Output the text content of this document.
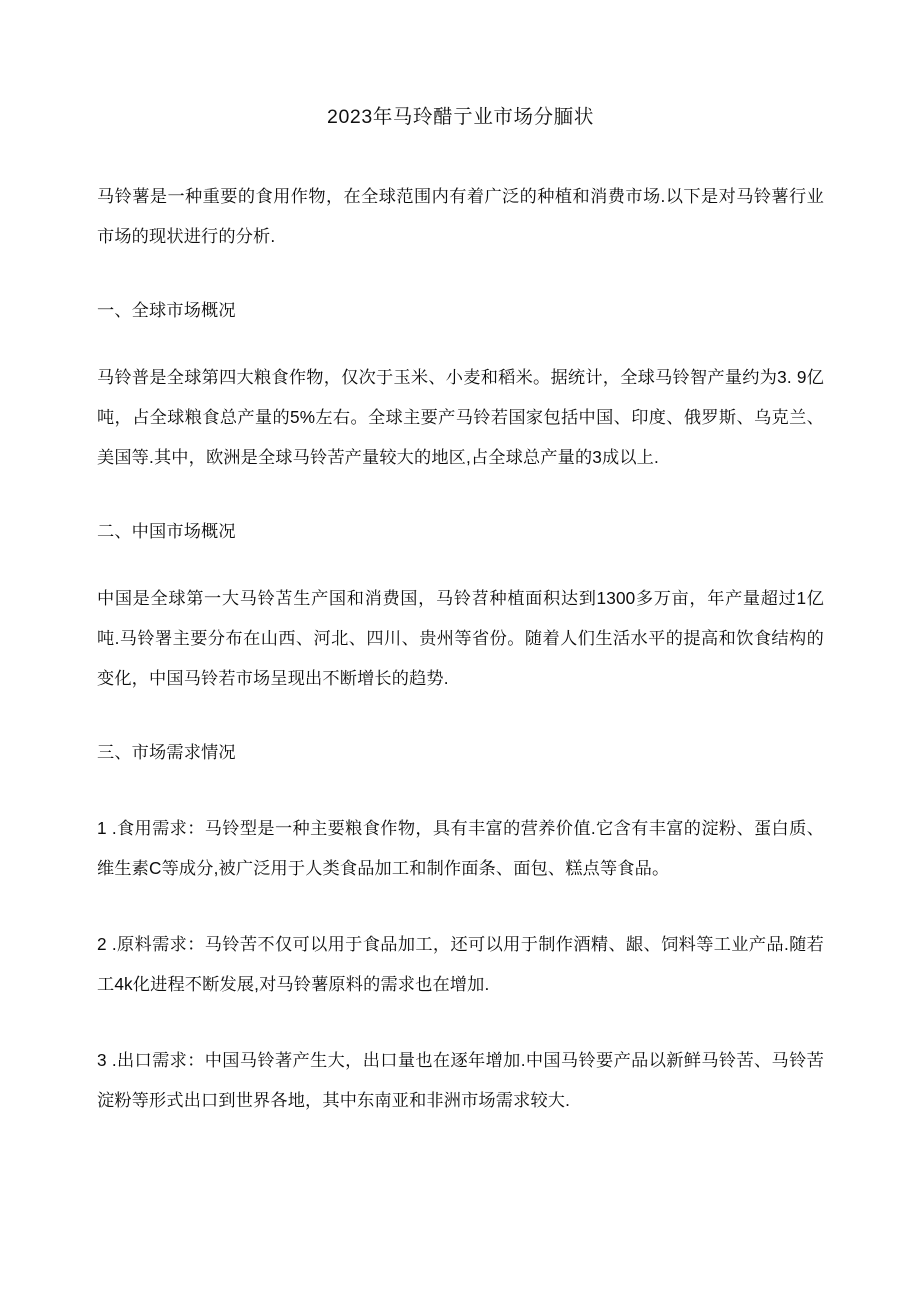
2023年马玲醋亍业市场分腼状

马铃薯是一种重要的食用作物，在全球范围内有着广泛的种植和消费市场.以下是对马铃薯行业市场的现状进行的分析.

一、全球市场概况

马铃普是全球第四大粮食作物，仅次于玉米、小麦和稻米。据统计，全球马铃智产量约为3. 9亿吨，占全球粮食总产量的5%左右。全球主要产马铃若国家包括中国、印度、俄罗斯、乌克兰、美国等.其中，欧洲是全球马铃苦产量较大的地区,占全球总产量的3成以上.

二、中国市场概况

中国是全球第一大马铃苫生产国和消费国，马铃苕种植面积达到1300多万亩，年产量超过1亿吨.马铃署主要分布在山西、河北、四川、贵州等省份。随着人们生活水平的提高和饮食结构的变化，中国马铃若市场呈现出不断增长的趋势.

三、市场需求情况

1 .食用需求：马铃型是一种主要粮食作物，具有丰富的营养价值.它含有丰富的淀粉、蛋白质、维生素C等成分,被广泛用于人类食品加工和制作面条、面包、糕点等食品。

2 .原料需求：马铃苦不仅可以用于食品加工，还可以用于制作酒精、龈、饲料等工业产品.随若工4k化进程不断发展,对马铃薯原料的需求也在增加.

3 .出口需求：中国马铃著产生大，出口量也在逐年增加.中国马铃要产品以新鲜马铃苦、马铃苦淀粉等形式出口到世界各地，其中东南亚和非洲市场需求较大.
